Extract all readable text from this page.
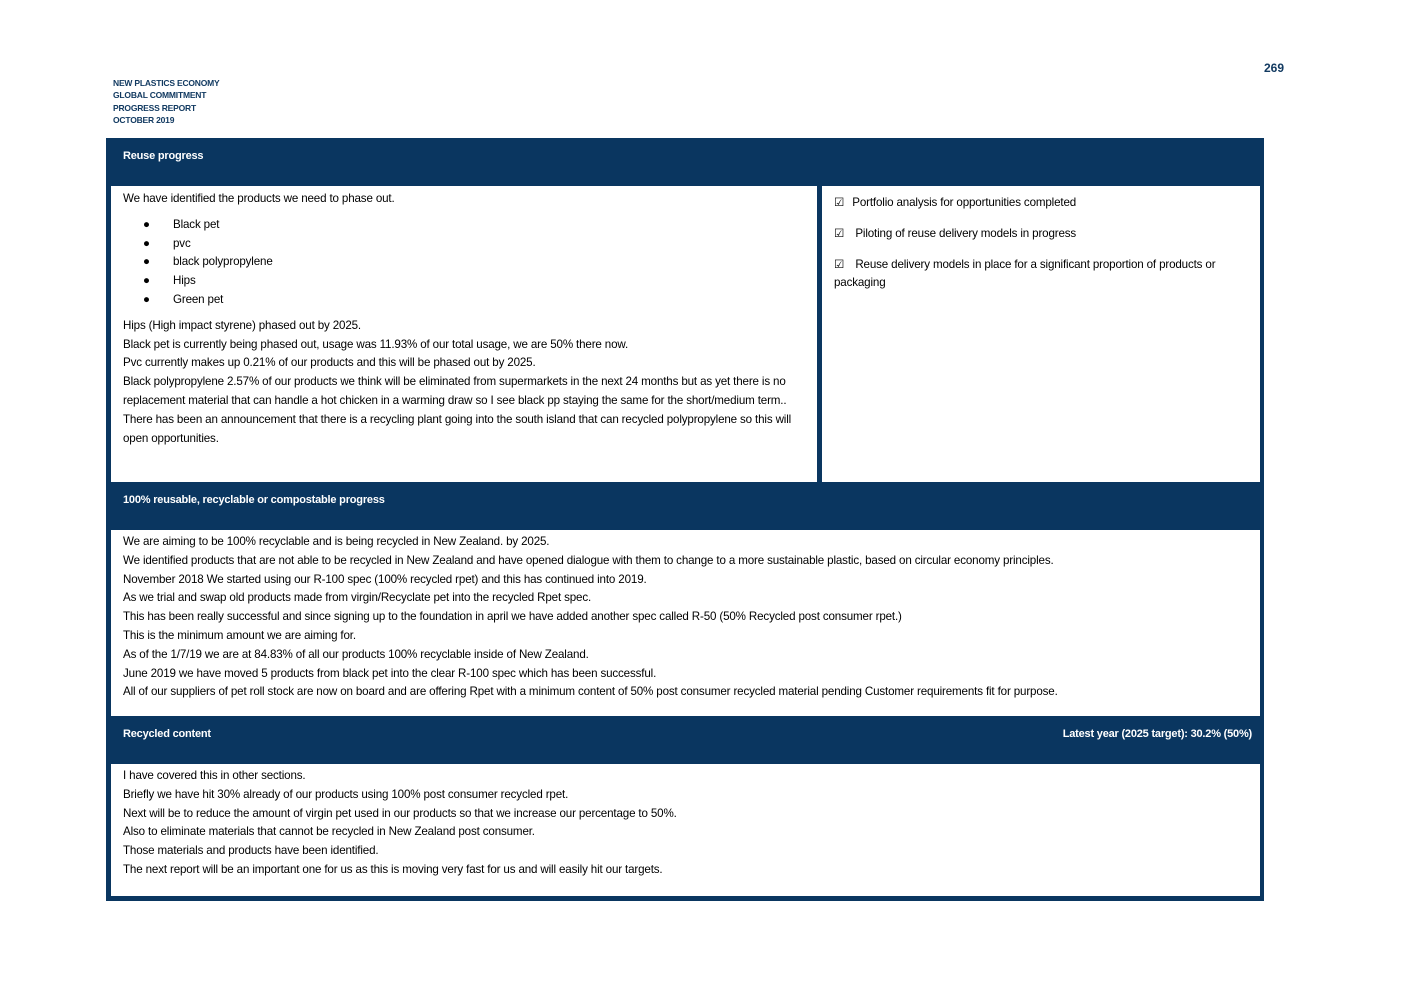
NEW PLASTICS ECONOMY
GLOBAL COMMITMENT
PROGRESS REPORT
OCTOBER 2019
269
Reuse progress

We have identified the products we need to phase out.

● Black pet
● pvc
● black polypropylene
● Hips
● Green pet

Hips (High impact styrene) phased out by 2025.

Black pet is currently being phased out, usage was 11.93% of our total usage, we are 50% there now.

Pvc currently makes up 0.21% of our products and this will be phased out by 2025.

Black polypropylene 2.57% of our products we think will be eliminated from supermarkets in the next 24 months but as yet there is no replacement material that can handle a hot chicken in a warming draw so I see black pp staying the same for the short/medium term..

There has been an announcement that there is a recycling plant going into the south island that can recycled polypropylene so this will open opportunities.

☑ Portfolio analysis for opportunities completed
☑ Piloting of reuse delivery models in progress
☑ Reuse delivery models in place for a significant proportion of products or packaging
100% reusable, recyclable or compostable progress

We are aiming to be 100% recyclable and is being recycled in New Zealand. by 2025.

We identified products that are not able to be recycled in New Zealand and have opened dialogue with them to change to a more sustainable plastic, based on circular economy principles.

November 2018 We started using our R-100 spec (100% recycled rpet) and this has continued into 2019.

As we trial and swap old products made from virgin/Recyclate pet into the recycled Rpet spec.

This has been really successful and since signing up to the foundation in april we have added another spec called R-50 (50% Recycled post consumer rpet.)

This is the minimum amount we are aiming for.

As of the 1/7/19 we are at 84.83% of all our products 100% recyclable inside of New Zealand.

June 2019 we have moved 5 products from black pet into the clear R-100 spec which has been successful.

All of our suppliers of pet roll stock are now on board and are offering Rpet with a minimum content of 50% post consumer recycled material pending Customer requirements fit for purpose.

Recycled content	Latest year (2025 target): 30.2% (50%)

I have covered this in other sections.

Briefly we have hit 30% already of our products using 100% post consumer recycled rpet.

Next will be to reduce the amount of virgin pet used in our products so that we increase our percentage to 50%.

Also to eliminate materials that cannot be recycled in New Zealand post consumer.

Those materials and products have been identified.

The next report will be an important one for us as this is moving very fast for us and will easily hit our targets.
